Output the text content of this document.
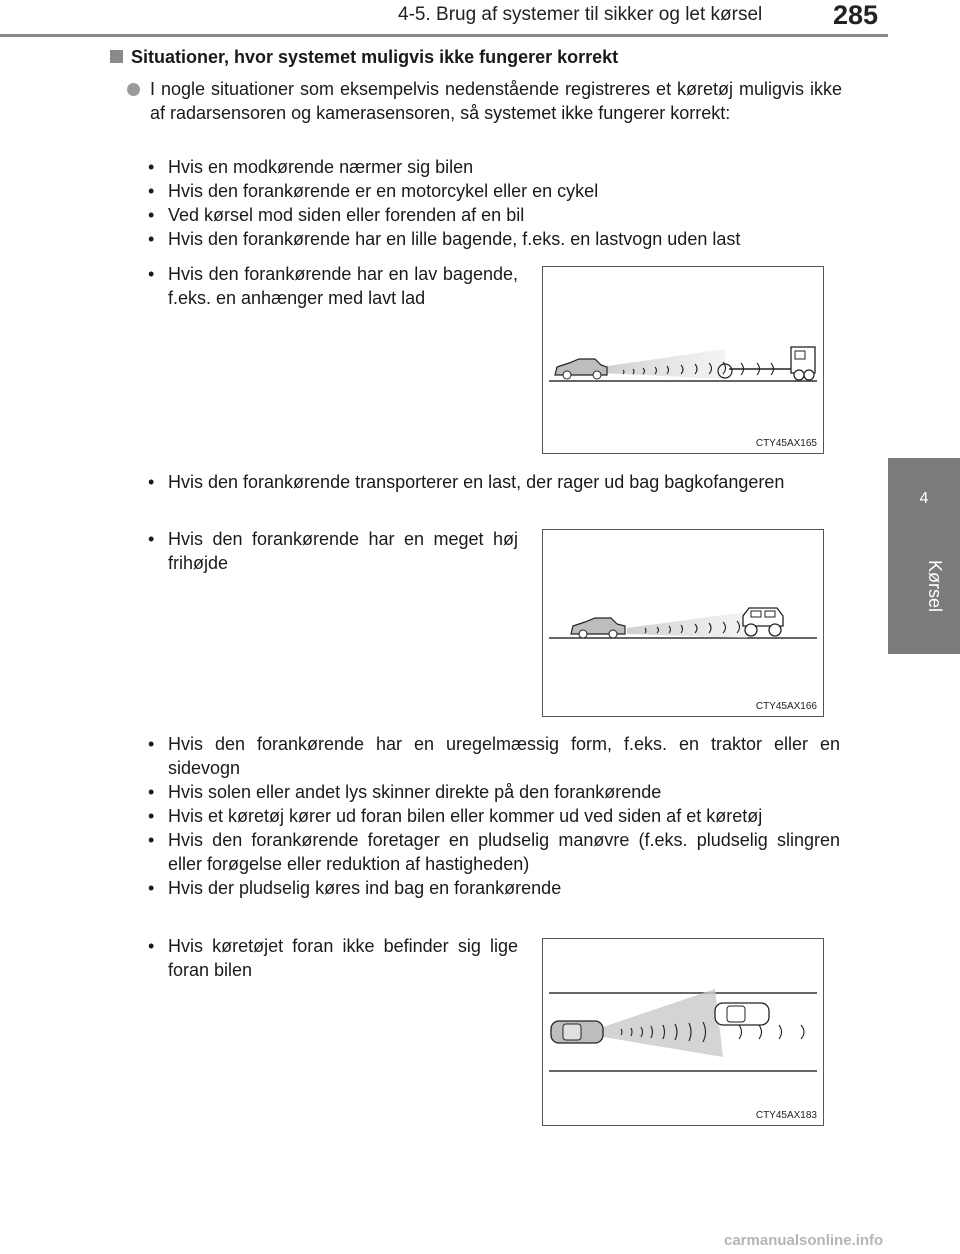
4-5. Brug af systemer til sikker og let kørsel	285
4
Kørsel
Situationer, hvor systemet muligvis ikke fungerer korrekt

I nogle situationer som eksempelvis nedenstående registreres et køretøj muligvis ikke af radarsensoren og kamerasensoren, så systemet ikke fungerer korrekt:

• Hvis en modkørende nærmer sig bilen
• Hvis den forankørende er en motorcykel eller en cykel
• Ved kørsel mod siden eller forenden af en bil
• Hvis den forankørende har en lille bagende, f.eks. en lastvogn uden last
• Hvis den forankørende har en lav bagende, f.eks. en anhænger med lavt lad
CTY45AX165
• Hvis den forankørende transporterer en last, der rager ud bag bagkofangeren
• Hvis den forankørende har en meget høj frihøjde
CTY45AX166
• Hvis den forankørende har en uregelmæssig form, f.eks. en traktor eller en sidevogn
• Hvis solen eller andet lys skinner direkte på den forankørende
• Hvis et køretøj kører ud foran bilen eller kommer ud ved siden af et køretøj
• Hvis den forankørende foretager en pludselig manøvre (f.eks. pludselig slingren eller forøgelse eller reduktion af hastigheden)
• Hvis der pludselig køres ind bag en forankørende
• Hvis køretøjet foran ikke befinder sig lige foran bilen
CTY45AX183
carmanualsonline.info
